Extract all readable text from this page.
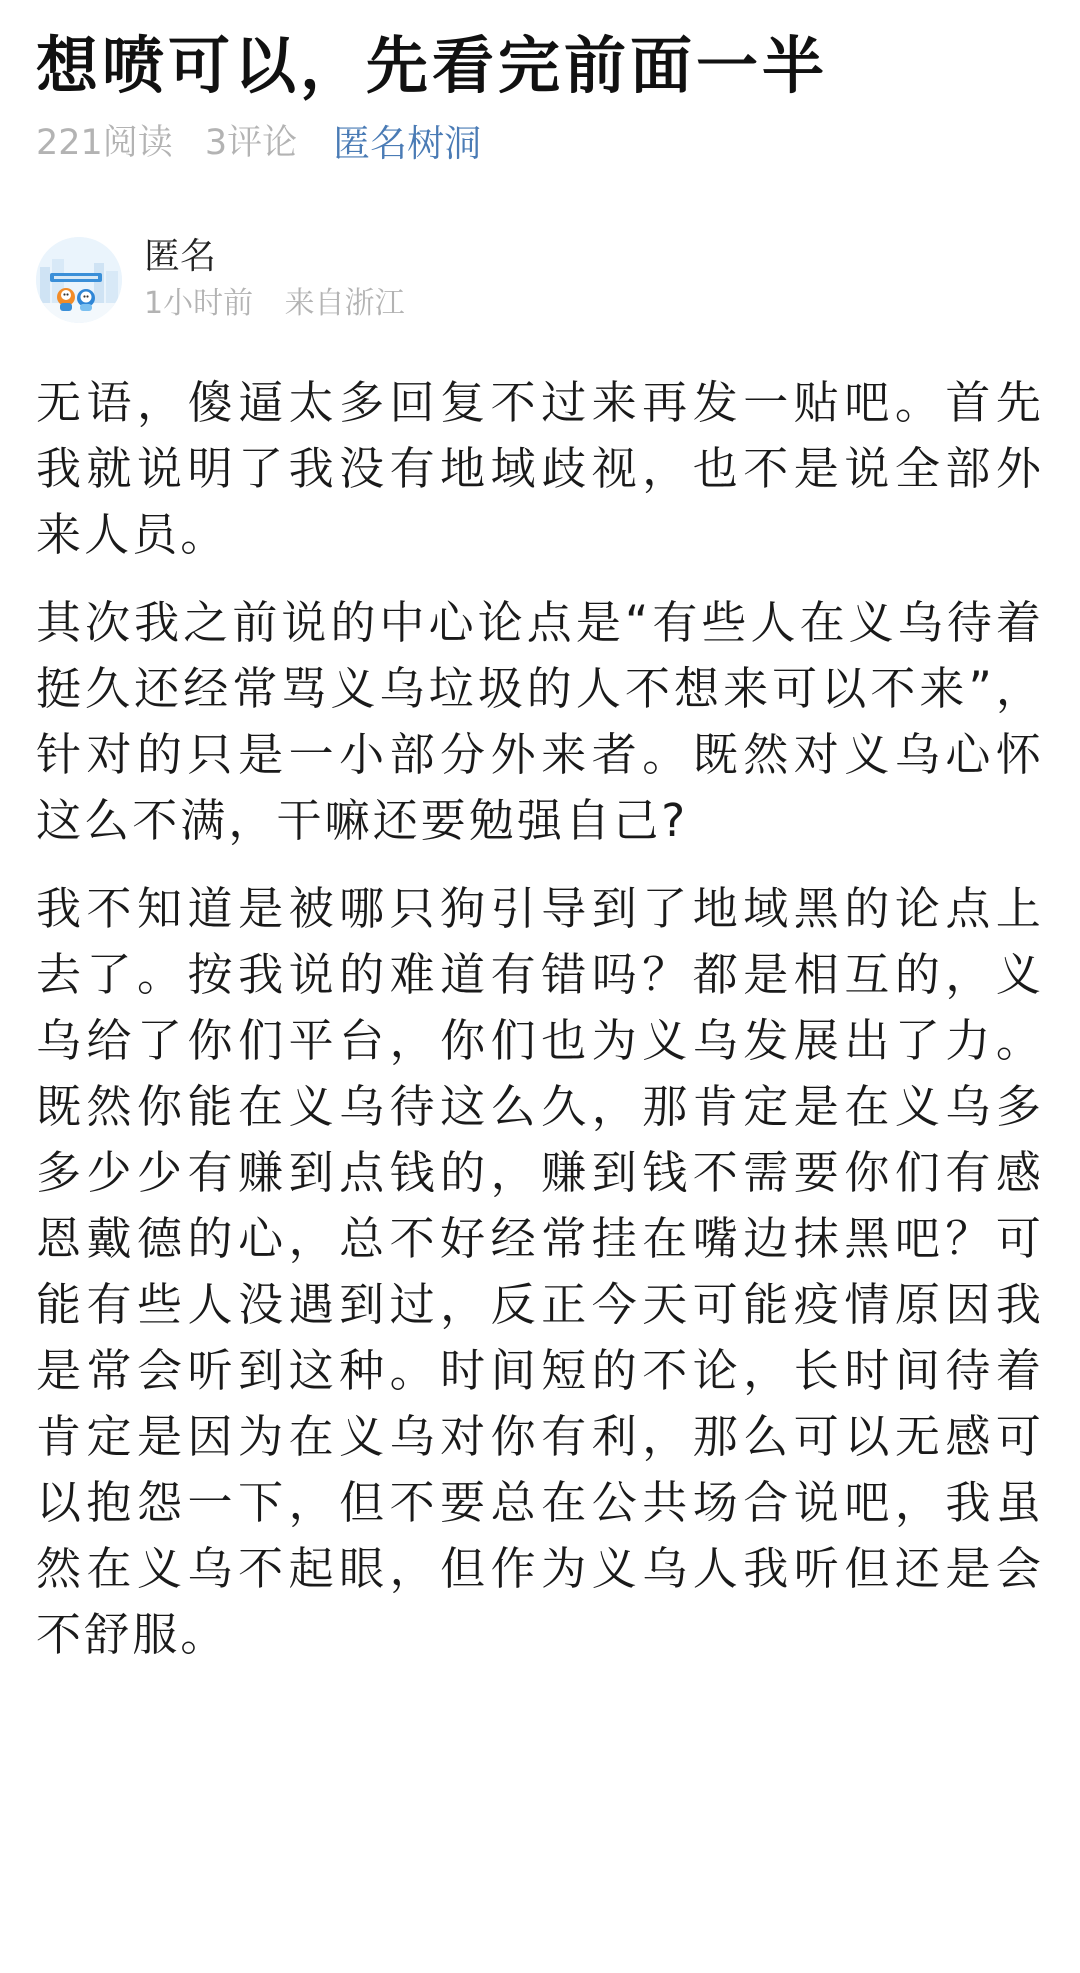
想喷可以，先看完前面一半
221阅读 3评论 匿名树洞
匿名
1小时前 来自浙江

无语，傻逼太多回复不过来再发一贴吧。首先我就说明了我没有地域歧视，也不是说全部外来人员。

其次我之前说的中心论点是“有些人在义乌待着挺久还经常骂义乌垃圾的人不想来可以不来”，针对的只是一小部分外来者。既然对义乌心怀这么不满，干嘛还要勉强自己?

我不知道是被哪只狗引导到了地域黑的论点上去了。按我说的难道有错吗？都是相互的，义乌给了你们平台，你们也为义乌发展出了力。既然你能在义乌待这么久，那肯定是在义乌多多少少有赚到点钱的，赚到钱不需要你们有感恩戴德的心，总不好经常挂在嘴边抹黑吧？可能有些人没遇到过，反正今天可能疫情原因我是常会听到这种。时间短的不论，长时间待着肯定是因为在义乌对你有利，那么可以无感可以抱怨一下，但不要总在公共场合说吧，我虽然在义乌不起眼，但作为义乌人我听但还是会不舒服。
